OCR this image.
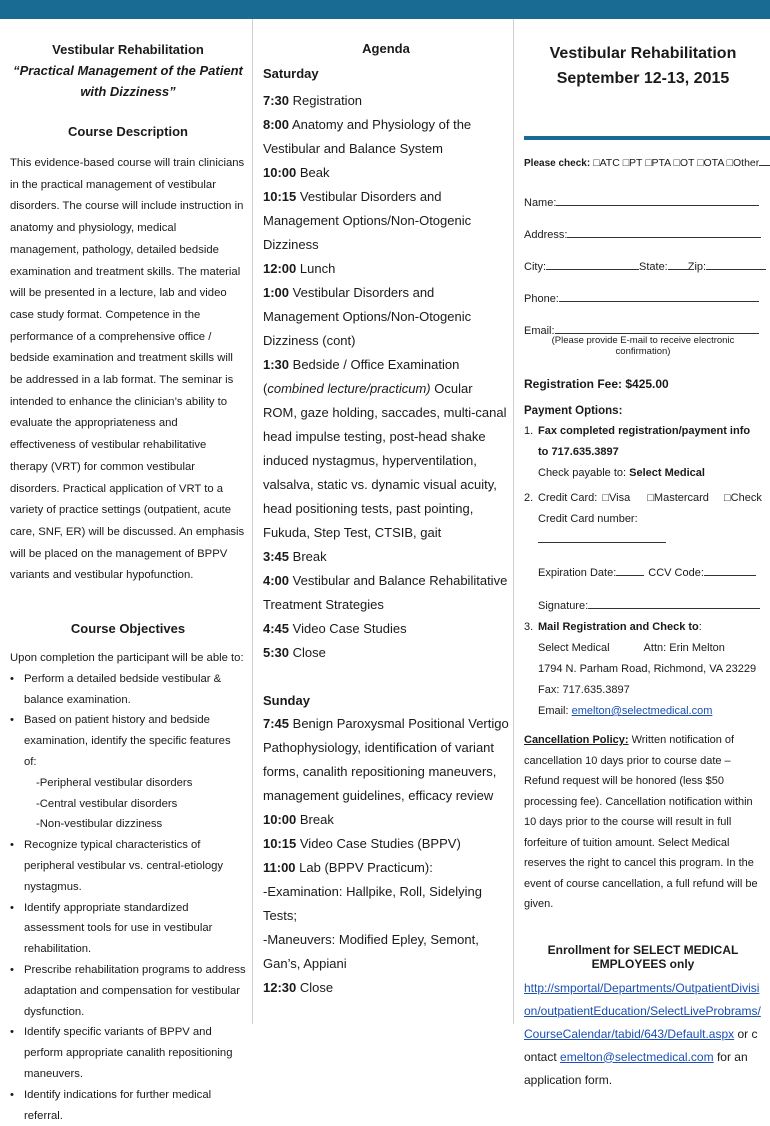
Vestibular Rehabilitation

“Practical Management of the Patient with Dizziness”

Course Description

This evidence-based course will train clinicians in the practical management of vestibular disorders. The course will include instruction in anatomy and physiology, medical management, pathology, detailed bedside examination and treatment skills. The material will be presented in a lecture, lab and video case study format. Competence in the performance of a comprehensive office / bedside examination and treatment skills will be addressed in a lab format. The seminar is intended to enhance the clinician’s ability to evaluate the appropriateness and effectiveness of vestibular rehabilitative therapy (VRT) for common vestibular disorders. Practical application of VRT to a variety of practice settings (outpatient, acute care, SNF, ER) will be discussed. An emphasis will be placed on the management of BPPV variants and vestibular hypofunction.

Course Objectives

Upon completion the participant will be able to:

• Perform a detailed bedside vestibular & balance examination.
• Based on patient history and bedside examination, identify the specific features of:
-Peripheral vestibular disorders
-Central vestibular disorders
-Non-vestibular dizziness
• Recognize typical characteristics of peripheral vestibular vs. central-etiology nystagmus.
• Identify appropriate standardized assessment tools for use in vestibular rehabilitation.
• Prescribe rehabilitation programs to address adaptation and compensation for vestibular dysfunction.
• Identify specific variants of BPPV and perform appropriate canalith repositioning maneuvers.
• Identify indications for further medical referral.

Agenda

Saturday

7:30 Registration

8:00 Anatomy and Physiology of the Vestibular and Balance System

10:00 Beak

10:15 Vestibular Disorders and Management Options/Non-Otogenic Dizziness

12:00 Lunch

1:00 Vestibular Disorders and Management Options/Non-Otogenic Dizziness (cont)

1:30 Bedside / Office Examination (combined lecture/practicum) Ocular ROM, gaze holding, saccades, multi-canal head impulse testing, post-head shake induced nystagmus, hyperventilation, valsalva, static vs. dynamic visual acuity, head positioning tests, past pointing, Fukuda, Step Test, CTSIB, gait

3:45 Break

4:00 Vestibular and Balance Rehabilitative Treatment Strategies

4:45 Video Case Studies

5:30 Close

Sunday

7:45 Benign Paroxysmal Positional Vertigo Pathophysiology, identification of variant forms, canalith repositioning maneuvers, management guidelines, efficacy review

10:00 Break

10:15 Video Case Studies (BPPV)

11:00 Lab (BPPV Practicum):

-Examination: Hallpike, Roll, Sidelying Tests;

-Maneuvers: Modified Epley, Semont, Gan’s, Appiani

12:30 Close

Vestibular Rehabilitation

September 12-13, 2015

Please check: □ATC □PT □PTA □OT □OTA □Other
Name:
Address:
City:	State: Zip:
Phone:
Email:
(Please provide E-mail to receive electronic confirmation)

Registration Fee: $425.00

Payment Options:

1. Fax completed registration/payment info to 717.635.3897
Check payable to: Select Medical
2. Credit Card: □Visa □Mastercard □Check
Credit Card number:
Expiration Date:	CCV Code:
Signature:
3. Mail Registration and Check to:
Select Medical	Attn: Erin Melton
1794 N. Parham Road, Richmond, VA 23229
Fax: 717.635.3897
Email: emelton@selectmedical.com

Cancellation Policy: Written notification of cancellation 10 days prior to course date – Refund request will be honored (less $50 processing fee). Cancellation notification within 10 days prior to the course will result in full forfeiture of tuition amount. Select Medical reserves the right to cancel this program. In the event of course cancellation, a full refund will be given.

Enrollment for SELECT MEDICAL EMPLOYEES only

http://smportal/Departments/OutpatientDivision/outpatientEducation/SelectLiveProbrams/CourseCalendar/tabid/643/Default.aspx or contact emelton@selectmedical.com for an application form.
